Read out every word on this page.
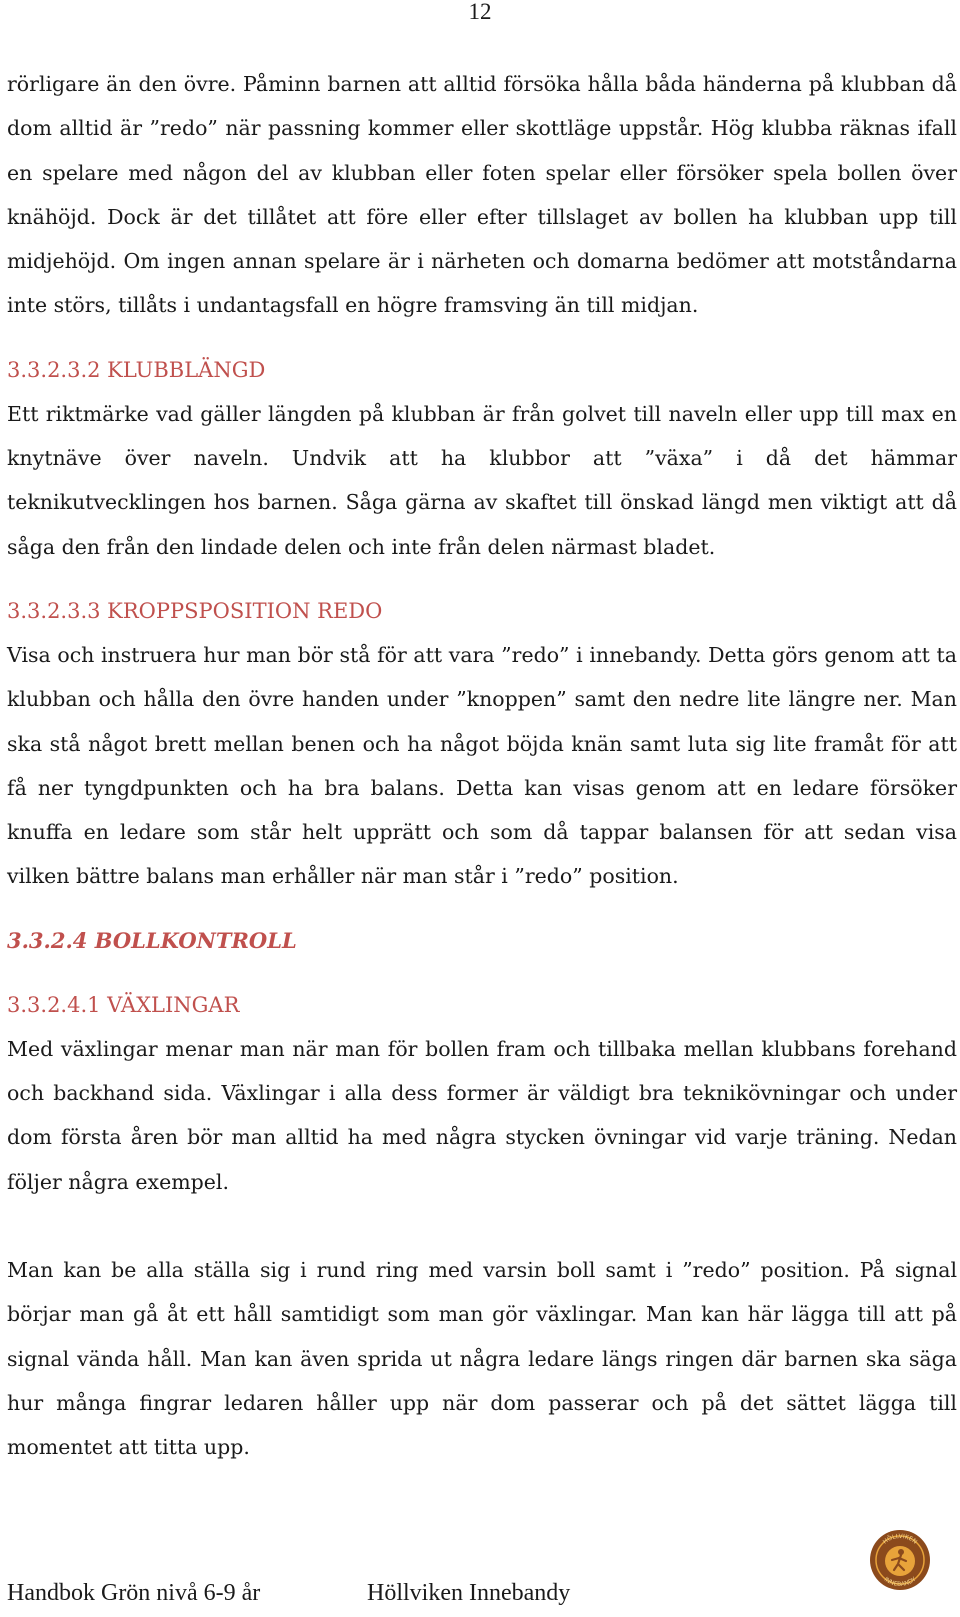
12

rörligare än den övre. Påminn barnen att alltid försöka hålla båda händerna på klubban då dom alltid är ”redo” när passning kommer eller skottläge uppstår. Hög klubba räknas ifall en spelare med någon del av klubban eller foten spelar eller försöker spela bollen över knähöjd. Dock är det tillåtet att före eller efter tillslaget av bollen ha klubban upp till midjehöjd. Om ingen annan spelare är i närheten och domarna bedömer att motståndarna inte störs, tillåts i undantagsfall en högre framsving än till midjan.

3.3.2.3.2 KLUBBLÄNGD

Ett riktmärke vad gäller längden på klubban är från golvet till naveln eller upp till max en knytnäve över naveln. Undvik att ha klubbor att ”växa” i då det hämmar teknikutvecklingen hos barnen. Såga gärna av skaftet till önskad längd men viktigt att då såga den från den lindade delen och inte från delen närmast bladet.

3.3.2.3.3 KROPPSPOSITION REDO

Visa och instruera hur man bör stå för att vara ”redo” i innebandy. Detta görs genom att ta klubban och hålla den övre handen under ”knoppen” samt den nedre lite längre ner. Man ska stå något brett mellan benen och ha något böjda knän samt luta sig lite framåt för att få ner tyngdpunkten och ha bra balans. Detta kan visas genom att en ledare försöker knuffa en ledare som står helt upprätt och som då tappar balansen för att sedan visa vilken bättre balans man erhåller när man står i ”redo” position.

3.3.2.4 BOLLKONTROLL
3.3.2.4.1 VÄXLINGAR

Med växlingar menar man när man för bollen fram och tillbaka mellan klubbans forehand och backhand sida. Växlingar i alla dess former är väldigt bra teknikövningar och under dom första åren bör man alltid ha med några stycken övningar vid varje träning. Nedan följer några exempel.

Man kan be alla ställa sig i rund ring med varsin boll samt i ”redo” position. På signal börjar man gå åt ett håll samtidigt som man gör växlingar. Man kan här lägga till att på signal vända håll. Man kan även sprida ut några ledare längs ringen där barnen ska säga hur många fingrar ledaren håller upp när dom passerar och på det sättet lägga till momentet att titta upp.

HÖLLVIKEN
INNEBANDY
Handbok Grön nivå 6-9 år	Höllviken Innebandy
